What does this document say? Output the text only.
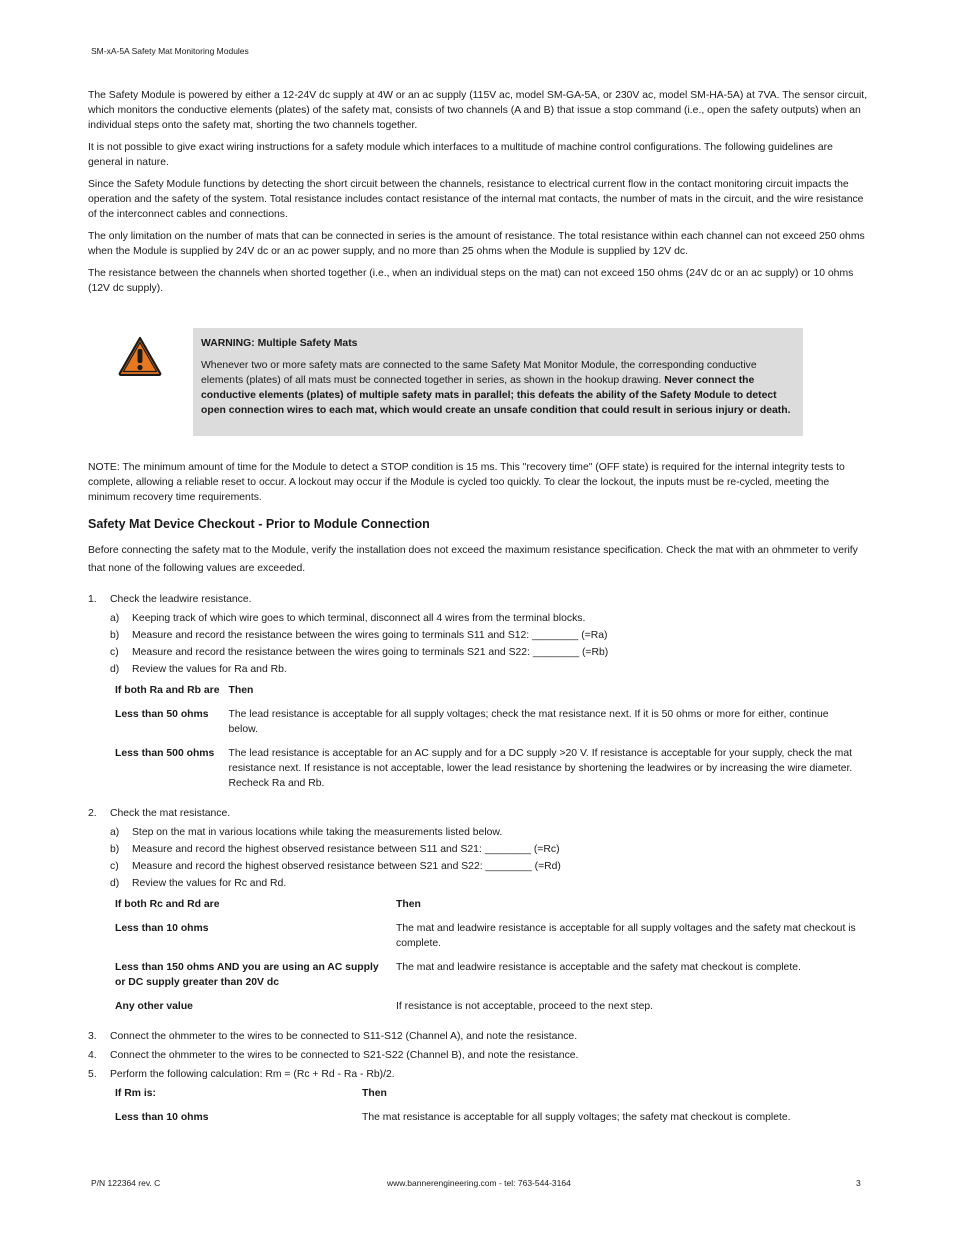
SM-xA-5A Safety Mat Monitoring Modules

The Safety Module is powered by either a 12-24V dc supply at 4W or an ac supply (115V ac, model SM-GA-5A, or 230V ac, model SM-HA-5A) at 7VA. The sensor circuit, which monitors the conductive elements (plates) of the safety mat, consists of two channels (A and B) that issue a stop command (i.e., open the safety outputs) when an individual steps onto the safety mat, shorting the two channels together.

It is not possible to give exact wiring instructions for a safety module which interfaces to a multitude of machine control configurations. The following guidelines are general in nature.

Since the Safety Module functions by detecting the short circuit between the channels, resistance to electrical current flow in the contact monitoring circuit impacts the operation and the safety of the system. Total resistance includes contact resistance of the internal mat contacts, the number of mats in the circuit, and the wire resistance of the interconnect cables and connections.

The only limitation on the number of mats that can be connected in series is the amount of resistance. The total resistance within each channel can not exceed 250 ohms when the Module is supplied by 24V dc or an ac power supply, and no more than 25 ohms when the Module is supplied by 12V dc.

The resistance between the channels when shorted together (i.e., when an individual steps on the mat) can not exceed 150 ohms (24V dc or an ac supply) or 10 ohms (12V dc supply).

WARNING: Multiple Safety Mats
Whenever two or more safety mats are connected to the same Safety Mat Monitor Module, the corresponding conductive elements (plates) of all mats must be connected together in series, as shown in the hookup drawing. Never connect the conductive elements (plates) of multiple safety mats in parallel; this defeats the ability of the Safety Module to detect open connection wires to each mat, which would create an unsafe condition that could result in serious injury or death.

NOTE: The minimum amount of time for the Module to detect a STOP condition is 15 ms. This "recovery time" (OFF state) is required for the internal integrity tests to complete, allowing a reliable reset to occur. A lockout may occur if the Module is cycled too quickly. To clear the lockout, the inputs must be re-cycled, meeting the minimum recovery time requirements.

Safety Mat Device Checkout - Prior to Module Connection

Before connecting the safety mat to the Module, verify the installation does not exceed the maximum resistance specification. Check the mat with an ohmmeter to verify that none of the following values are exceeded.

1. Check the leadwire resistance.
a) Keeping track of which wire goes to which terminal, disconnect all 4 wires from the terminal blocks.
b) Measure and record the resistance between the wires going to terminals S11 and S12: ________ (=Ra)
c) Measure and record the resistance between the wires going to terminals S21 and S22: ________ (=Rb)
d) Review the values for Ra and Rb.
If both Ra and Rb are	Then
Less than 50 ohms	The lead resistance is acceptable for all supply voltages; check the mat resistance next. If it is 50 ohms or more for either, continue below.
Less than 500 ohms	The lead resistance is acceptable for an AC supply and for a DC supply >20 V. If resistance is acceptable for your supply, check the mat resistance next. If resistance is not acceptable, lower the lead resistance by shortening the leadwires or by increasing the wire diameter. Recheck Ra and Rb.
2. Check the mat resistance.
a) Step on the mat in various locations while taking the measurements listed below.
b) Measure and record the highest observed resistance between S11 and S21: ________ (=Rc)
c) Measure and record the highest observed resistance between S21 and S22: ________ (=Rd)
d) Review the values for Rc and Rd.
If both Rc and Rd are	Then
Less than 10 ohms	The mat and leadwire resistance is acceptable for all supply voltages and the safety mat checkout is complete.
Less than 150 ohms AND you are using an AC supply or DC supply greater than 20V dc	The mat and leadwire resistance is acceptable and the safety mat checkout is complete.
Any other value	If resistance is not acceptable, proceed to the next step.
3. Connect the ohmmeter to the wires to be connected to S11-S12 (Channel A), and note the resistance.
4. Connect the ohmmeter to the wires to be connected to S21-S22 (Channel B), and note the resistance.
5. Perform the following calculation: Rm = (Rc + Rd - Ra - Rb)/2.
If Rm is:	Then
Less than 10 ohms	The mat resistance is acceptable for all supply voltages; the safety mat checkout is complete.
P/N 122364 rev. C	www.bannerengineering.com - tel: 763-544-3164	3
